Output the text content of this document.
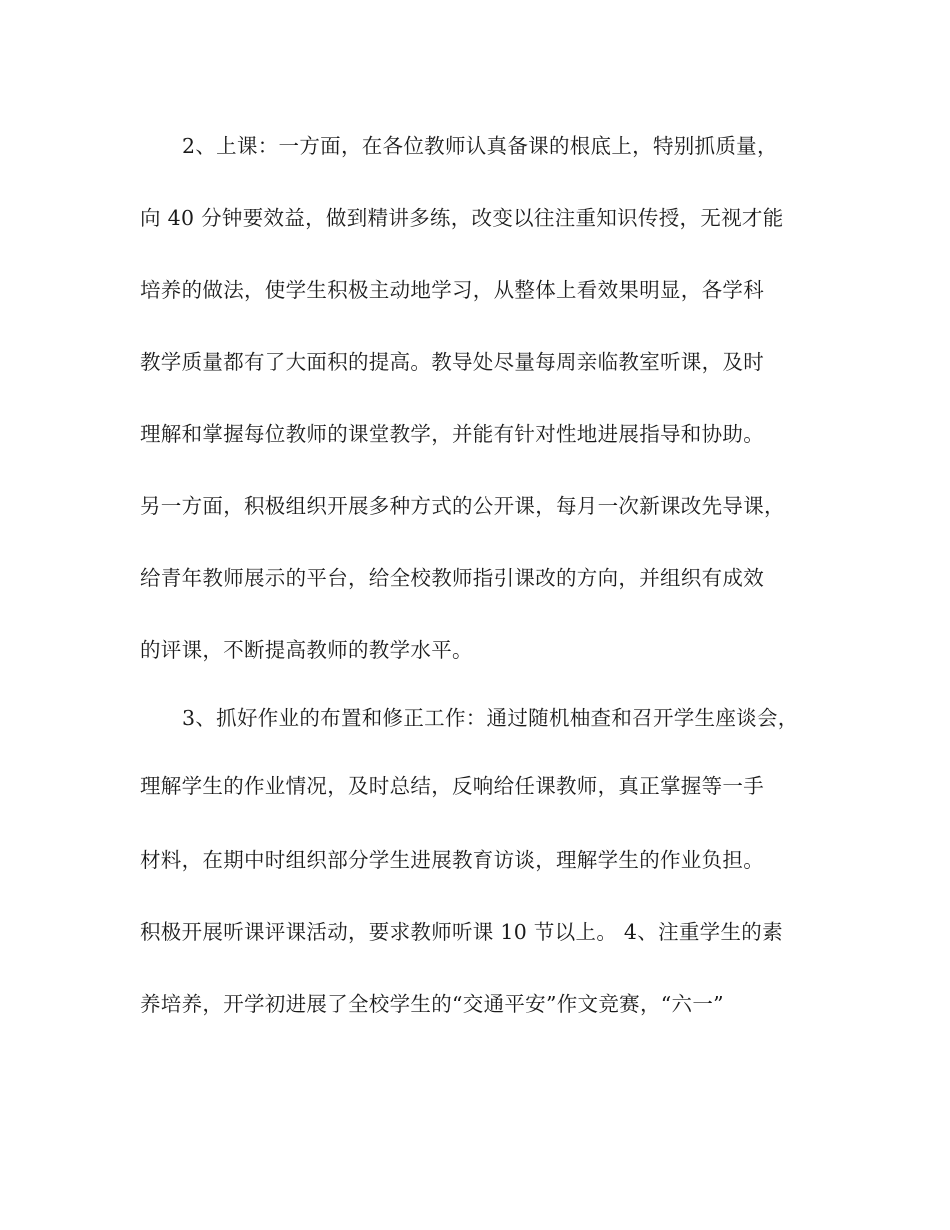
2、上课：一方面，在各位教师认真备课的根底上，特别抓质量，
向 40 分钟要效益，做到精讲多练，改变以往注重知识传授，无视才能
培养的做法，使学生积极主动地学习，从整体上看效果明显，各学科
教学质量都有了大面积的提高。教导处尽量每周亲临教室听课，及时
理解和掌握每位教师的课堂教学，并能有针对性地进展指导和协助。
另一方面，积极组织开展多种方式的公开课，每月一次新课改先导课，
给青年教师展示的平台，给全校教师指引课改的方向，并组织有成效
的评课，不断提高教师的教学水平。
3、抓好作业的布置和修正工作：通过随机柚查和召开学生座谈会，
理解学生的作业情况，及时总结，反响给任课教师，真正掌握等一手
材料，在期中时组织部分学生进展教育访谈，理解学生的作业负担。
积极开展听课评课活动，要求教师听课 10 节以上。 4、注重学生的素
养培养，开学初进展了全校学生的“交通平安”作文竞赛，“六一”
